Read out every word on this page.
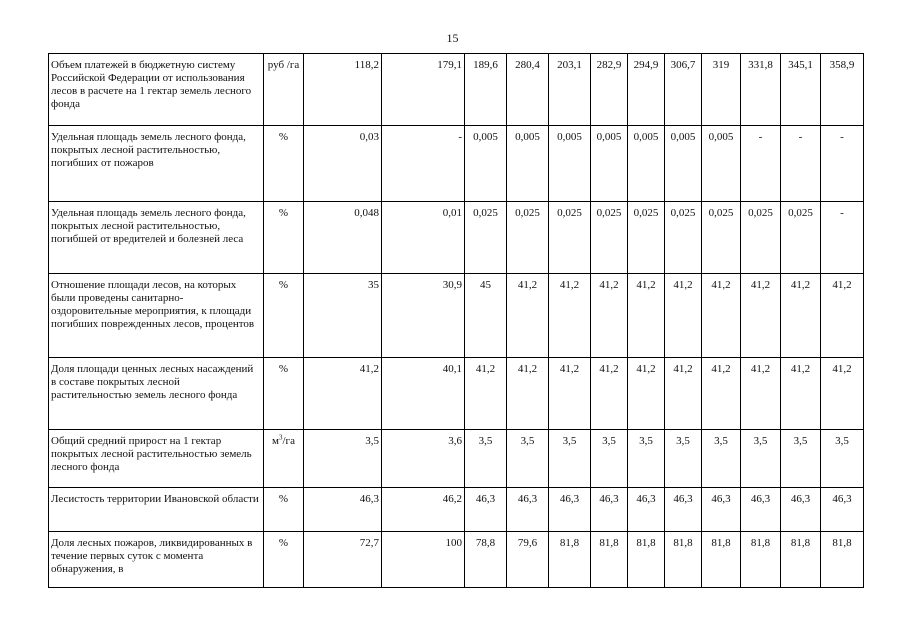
15
Объем платежей в бюджетную систему Российской Федерации от использования лесов в расчете на 1 гектар земель лесного фонда	руб /га	118,2	179,1	189,6	280,4	203,1	282,9	294,9	306,7	319	331,8	345,1	358,9
Удельная площадь земель лесного фонда, покрытых лесной растительностью, погибших от пожаров	%	0,03	-	0,005	0,005	0,005	0,005	0,005	0,005	0,005	-	-	-
Удельная площадь земель лесного фонда, покрытых лесной растительностью, погибшей от вредителей и болезней леса	%	0,048	0,01	0,025	0,025	0,025	0,025	0,025	0,025	0,025	0,025	0,025	-
Отношение площади лесов, на которых были проведены санитарно-оздоровительные мероприятия, к площади погибших поврежденных лесов, процентов	%	35	30,9	45	41,2	41,2	41,2	41,2	41,2	41,2	41,2	41,2	41,2
Доля площади ценных лесных насаждений в составе покрытых лесной растительностью земель лесного фонда	%	41,2	40,1	41,2	41,2	41,2	41,2	41,2	41,2	41,2	41,2	41,2	41,2
Общий средний прирост на 1 гектар покрытых лесной растительностью земель лесного фонда	$м^3/га$	3,5	3,6	3,5	3,5	3,5	3,5	3,5	3,5	3,5	3,5	3,5	3,5
Лесистость территории Ивановской области	%	46,3	46,2	46,3	46,3	46,3	46,3	46,3	46,3	46,3	46,3	46,3	46,3
Доля лесных пожаров, ликвидированных в течение первых суток с момента обнаружения, в	%	72,7	100	78,8	79,6	81,8	81,8	81,8	81,8	81,8	81,8	81,8	81,8
